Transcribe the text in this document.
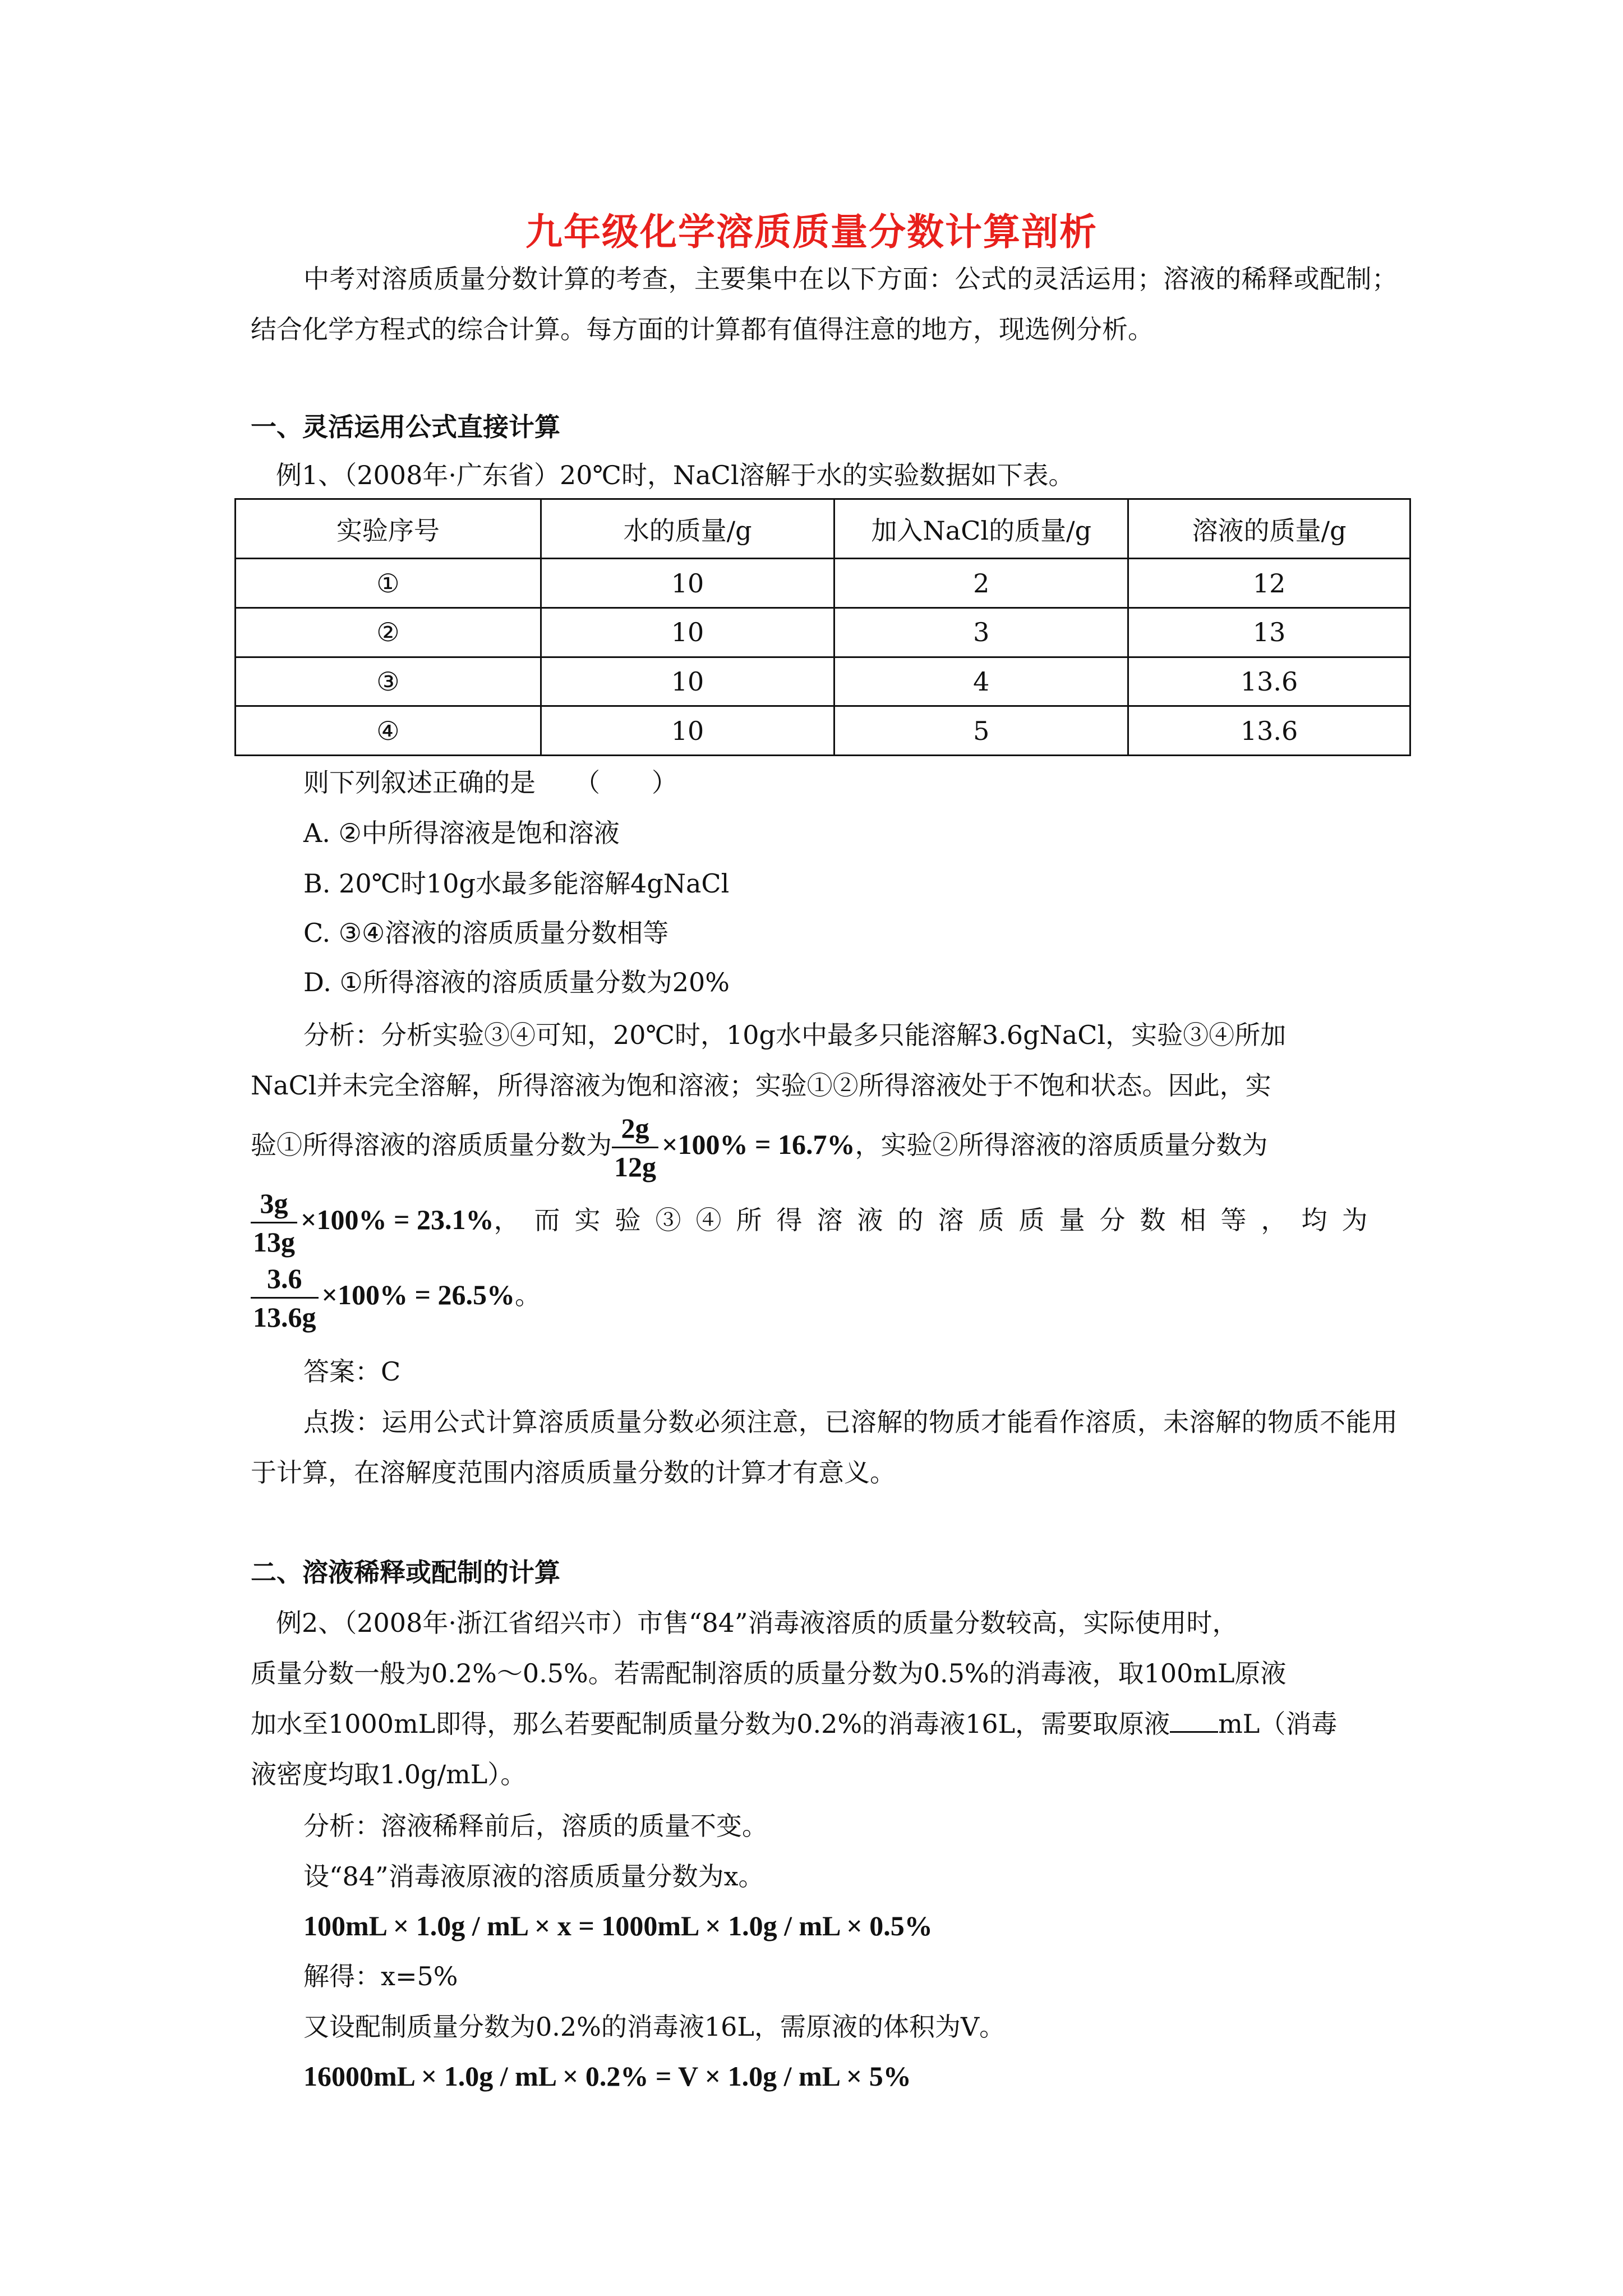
九年级化学溶质质量分数计算剖析
中考对溶质质量分数计算的考查，主要集中在以下方面：公式的灵活运用；溶液的稀释或配制；结合化学方程式的综合计算。每方面的计算都有值得注意的地方，现选例分析。
一、灵活运用公式直接计算
例1、（2008年·广东省）20℃时，NaCl溶解于水的实验数据如下表。
实验序号	水的质量/g	加入NaCl的质量/g	溶液的质量/g
①	10	2	12
②	10	3	13
③	10	4	13.6
④	10	5	13.6
则下列叙述正确的是　　（　　）
A. ②中所得溶液是饱和溶液
B. 20℃时10g水最多能溶解4gNaCl
C. ③④溶液的溶质质量分数相等
D. ①所得溶液的溶质质量分数为20%
分析：分析实验③④可知，20℃时，10g水中最多只能溶解3.6gNaCl，实验③④所加
NaCl并未完全溶解，所得溶液为饱和溶液；实验①②所得溶液处于不饱和状态。因此，实
验①所得溶液的溶质质量分数为 $\frac{2g}{12g} \times 100\% = 16.7\%$，实验②所得溶液的溶质质量分数为
$\frac{3g}{13g} \times 100\% = 23.1\%$，而实验③④所得溶液的溶质质量分数相等，均为
$\frac{3.6}{13.6g} \times 100\% = 26.5\%$。
答案：C
点拨：运用公式计算溶质质量分数必须注意，已溶解的物质才能看作溶质，未溶解的物质不能用于计算，在溶解度范围内溶质质量分数的计算才有意义。
二、溶液稀释或配制的计算
例2、（2008年·浙江省绍兴市）市售“84”消毒液溶质的质量分数较高，实际使用时，
质量分数一般为0.2%～0.5%。若需配制溶质的质量分数为0.5%的消毒液，取100mL原液
加水至1000mL即得，那么若要配制质量分数为0.2%的消毒液16L，需要取原液 mL（消毒
液密度均取1.0g/mL）。
分析：溶液稀释前后，溶质的质量不变。
设“84”消毒液原液的溶质质量分数为x。
100mL × 1.0g / mL × x = 1000mL × 1.0g / mL × 0.5%
解得：x=5%
又设配制质量分数为0.2%的消毒液16L，需原液的体积为V。
16000mL × 1.0g / mL × 0.2% = V × 1.0g / mL × 5%
